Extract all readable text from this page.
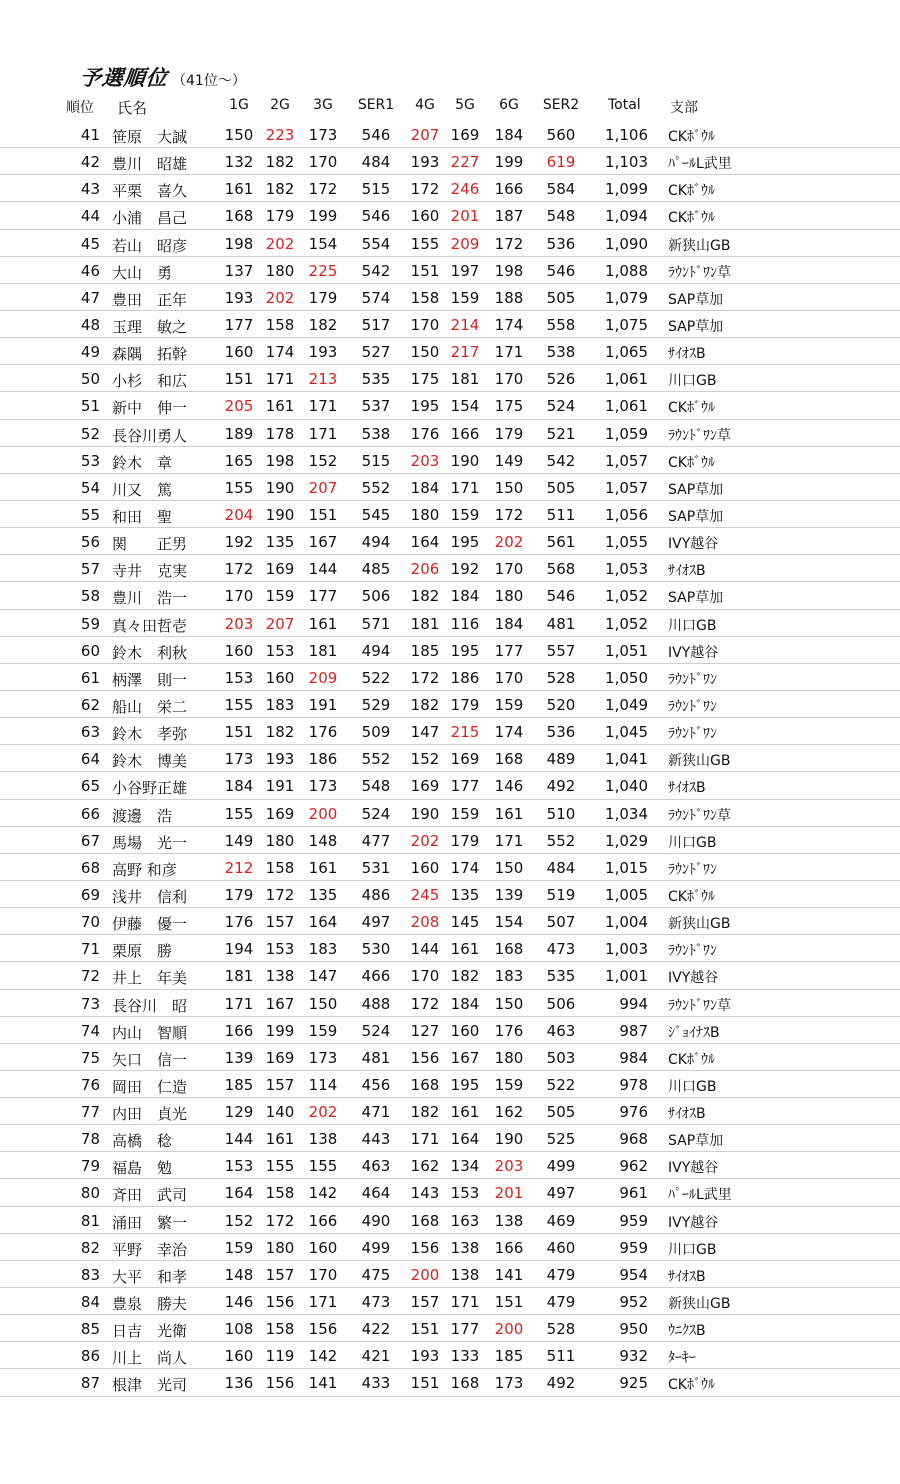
予選順位 （41位～）
順位 氏名	1G	2G	3G	SER1	4G	5G	6G	SER2 Total 支部
41 笹原　大誠	150 223 173	546	207 169 184	560	1,106 CKﾎﾞｳﾙ
42 豊川　昭雄	132 182 170	484	193 227 199	619	1,103 ﾊﾟｰﾙL武里
43 平栗　喜久	161 182 172	515	172 246 166	584	1,099 CKﾎﾞｳﾙ
44 小浦　昌己	168 179 199	546	160 201 187	548	1,094 CKﾎﾞｳﾙ
45 若山　昭彦	198 202 154	554	155 209 172	536	1,090 新狭山GB
46 大山　勇	137 180 225	542	151 197 198	546	1,088 ﾗｳﾝﾄﾞﾜﾝ草
47 豊田　正年	193 202 179	574	158 159 188	505	1,079 SAP草加
48 玉理　敏之	177 158 182	517	170 214 174	558	1,075 SAP草加
49 森隅　拓幹	160 174 193	527	150 217 171	538	1,065 ｻｲｵｽB
50 小杉　和広	151 171 213	535	175 181 170	526	1,061 川口GB
51 新中　伸一	205 161 171	537	195 154 175	524	1,061 CKﾎﾞｳﾙ
52 長谷川勇人	189 178 171	538	176 166 179	521	1,059 ﾗｳﾝﾄﾞﾜﾝ草
53 鈴木　章	165 198 152	515	203 190 149	542	1,057 CKﾎﾞｳﾙ
54 川又　篤	155 190 207	552	184 171 150	505	1,057 SAP草加
55 和田　聖	204 190 151	545	180 159 172	511	1,056 SAP草加
56 関　　正男	192 135 167	494	164 195 202	561	1,055 IVY越谷
57 寺井　克実	172 169 144	485	206 192 170	568	1,053 ｻｲｵｽB
58 豊川　浩一	170 159 177	506	182 184 180	546	1,052 SAP草加
59 真々田哲壱	203 207 161	571	181 116 184	481	1,052 川口GB
60 鈴木　利秋	160 153 181	494	185 195 177	557	1,051 IVY越谷
61 柄澤　則一	153 160 209	522	172 186 170	528	1,050 ﾗｳﾝﾄﾞﾜﾝ
62 船山　栄二	155 183 191	529	182 179 159	520	1,049 ﾗｳﾝﾄﾞﾜﾝ
63 鈴木　孝弥	151 182 176	509	147 215 174	536	1,045 ﾗｳﾝﾄﾞﾜﾝ
64 鈴木　博美	173 193 186	552	152 169 168	489	1,041 新狭山GB
65 小谷野正雄	184 191 173	548	169 177 146	492	1,040 ｻｲｵｽB
66 渡邊　浩	155 169 200	524	190 159 161	510	1,034 ﾗｳﾝﾄﾞﾜﾝ草
67 馬場　光一	149 180 148	477	202 179 171	552	1,029 川口GB
68 高野 和彦	212 158 161	531	160 174 150	484	1,015 ﾗｳﾝﾄﾞﾜﾝ
69 浅井　信利	179 172 135	486	245 135 139	519	1,005 CKﾎﾞｳﾙ
70 伊藤　優一	176 157 164	497	208 145 154	507	1,004 新狭山GB
71 栗原　勝	194 153 183	530	144 161 168	473	1,003 ﾗｳﾝﾄﾞﾜﾝ
72 井上　年美	181 138 147	466	170 182 183	535	1,001 IVY越谷
73 長谷川　昭	171 167 150	488	172 184 150	506	994 ﾗｳﾝﾄﾞﾜﾝ草
74 内山　智順	166 199 159	524	127 160 176	463	987 ｼﾞｮｲﾅｽB
75 矢口　信一	139 169 173	481	156 167 180	503	984 CKﾎﾞｳﾙ
76 岡田　仁造	185 157 114	456	168 195 159	522	978 川口GB
77 内田　貞光	129 140 202	471	182 161 162	505	976 ｻｲｵｽB
78 高橋　稔	144 161 138	443	171 164 190	525	968 SAP草加
79 福島　勉	153 155 155	463	162 134 203	499	962 IVY越谷
80 斉田　武司	164 158 142	464	143 153 201	497	961 ﾊﾟｰﾙL武里
81 涌田　繁一	152 172 166	490	168 163 138	469	959 IVY越谷
82 平野　幸治	159 180 160	499	156 138 166	460	959 川口GB
83 大平　和孝	148 157 170	475	200 138 141	479	954 ｻｲｵｽB
84 豊泉　勝夫	146 156 171	473	157 171 151	479	952 新狭山GB
85 日吉　光衛	108 158 156	422	151 177 200	528	950 ｳﾆｸｽB
86 川上　尚人	160 119 142	421	193 133 185	511	932 ﾀｰｷｰ
87 根津　光司	136 156 141	433	151 168 173	492	925 CKﾎﾞｳﾙ
